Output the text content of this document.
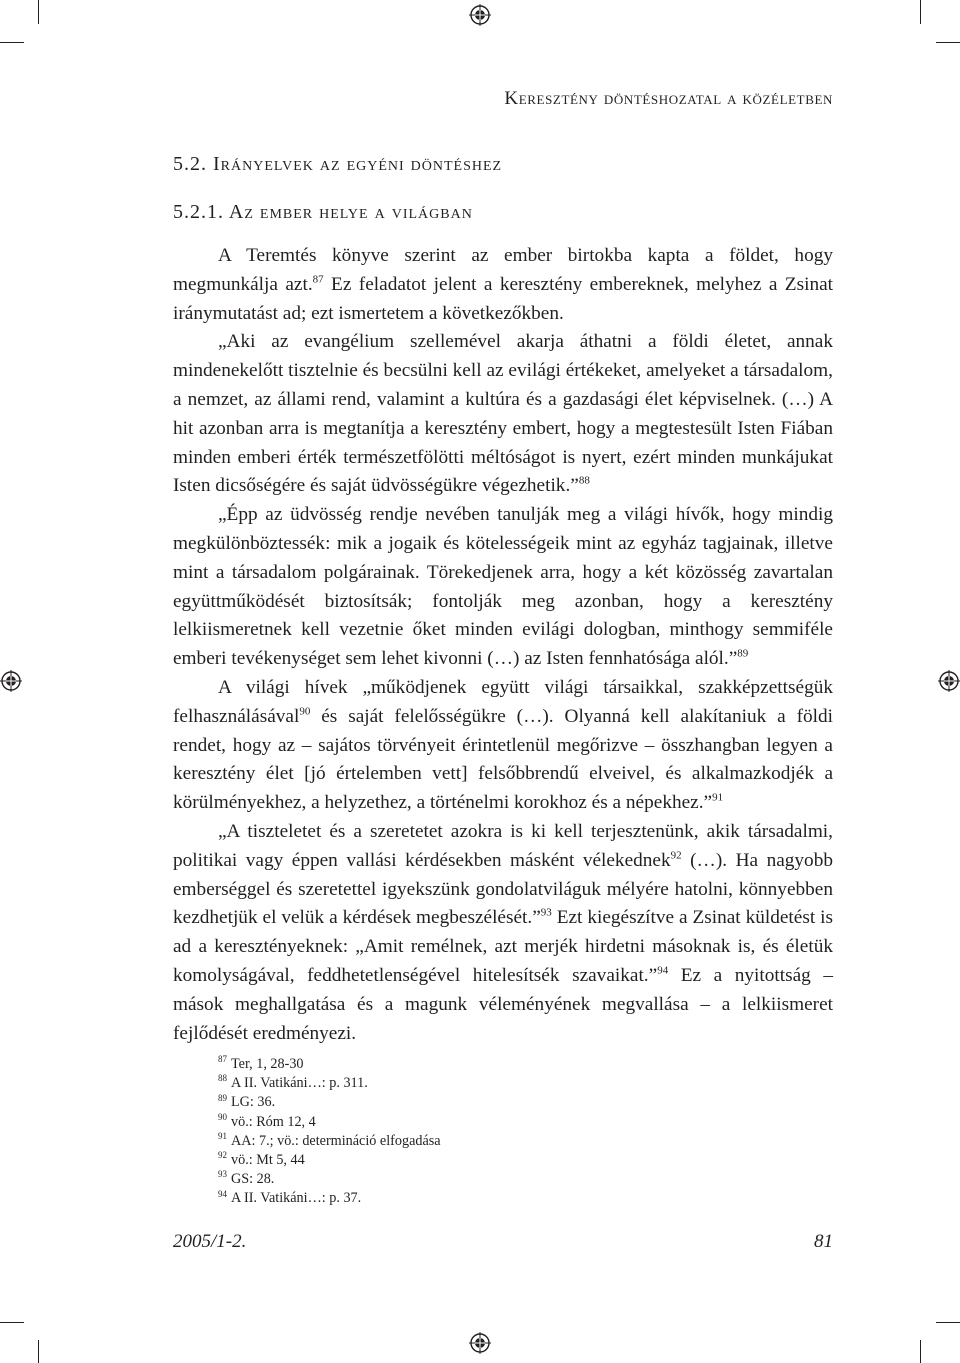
Keresztény döntéshozatal a közéletben
5.2. Irányelvek az egyéni döntéshez
5.2.1. Az ember helye a világban

A Teremtés könyve szerint az ember birtokba kapta a földet, hogy megmunkálja azt.$^{87}$ Ez feladatot jelent a keresztény embereknek, melyhez a Zsinat iránymutatást ad; ezt ismertetem a következőkben.

„Aki az evangélium szellemével akarja áthatni a földi életet, annak mindenekelőtt tisztelnie és becsülni kell az evilági értékeket, amelyeket a társadalom, a nemzet, az állami rend, valamint a kultúra és a gazdasági élet képviselnek. (…) A hit azonban arra is megtanítja a keresztény embert, hogy a megtestesült Isten Fiában minden emberi érték természetfölötti méltóságot is nyert, ezért minden munkájukat Isten dicsőségére és saját üdvösségükre végezhetik.”$^{88}$

„Épp az üdvösség rendje nevében tanulják meg a világi hívők, hogy mindig megkülönböztessék: mik a jogaik és kötelességeik mint az egyház tagjainak, illetve mint a társadalom polgárainak. Törekedjenek arra, hogy a két közösség zavartalan együttműködését biztosítsák; fontolják meg azonban, hogy a keresztény lelkiismeretnek kell vezetnie őket minden evilági dologban, minthogy semmiféle emberi tevékenységet sem lehet kivonni (…) az Isten fennhatósága alól.”$^{89}$

A világi hívek „működjenek együtt világi társaikkal, szakképzettségük felhasználásával$^{90}$ és saját felelősségükre (…). Olyanná kell alakítaniuk a földi rendet, hogy az – sajátos törvényeit érintetlenül megőrizve – összhangban legyen a keresztény élet [jó értelemben vett] felsőbbrendű elveivel, és alkalmazkodjék a körülményekhez, a helyzethez, a történelmi korokhoz és a népekhez.”$^{91}$

„A tiszteletet és a szeretetet azokra is ki kell terjesztenünk, akik társadalmi, politikai vagy éppen vallási kérdésekben másként vélekednek$^{92}$ (…). Ha nagyobb emberséggel és szeretettel igyekszünk gondolatviláguk mélyére hatolni, könnyebben kezdhetjük el velük a kérdések megbeszélését.”$^{93}$ Ezt kiegészítve a Zsinat küldetést is ad a keresztényeknek: „Amit remélnek, azt merjék hirdetni másoknak is, és életük komolyságával, feddhetetlenségével hitelesítsék szavaikat.”$^{94}$ Ez a nyitottság – mások meghallgatása és a magunk véleményének megvallása – a lelkiismeret fejlődését eredményezi.

$^{87}$ Ter, 1, 28-30
$^{88}$ A II. Vatikáni…: p. 311.
$^{89}$ LG: 36.
$^{90}$ vö.: Róm 12, 4
$^{91}$ AA: 7.; vö.: determináció elfogadása
$^{92}$ vö.: Mt 5, 44
$^{93}$ GS: 28.
$^{94}$ A II. Vatikáni…: p. 37.
2005/1-2.	81
